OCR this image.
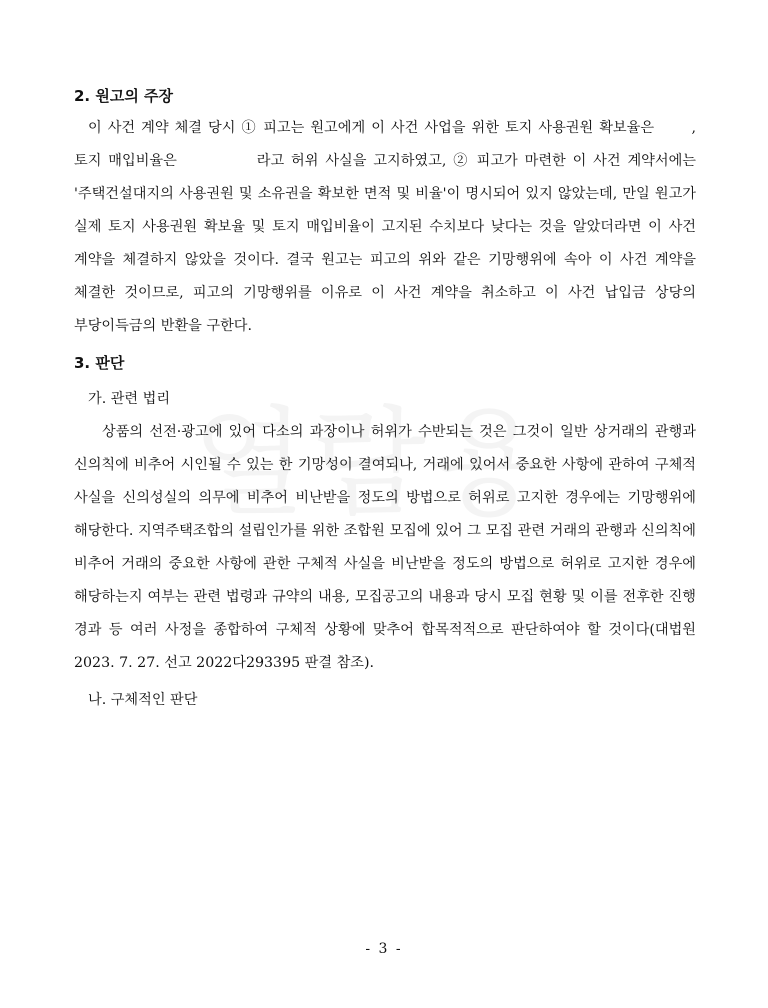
2. 원고의 주장

이 사건 계약 체결 당시 ① 피고는 원고에게 이 사건 사업을 위한 토지 사용권원 확보율은 　　, 토지 매입비율은 　　　　 라고 허위 사실을 고지하였고, ② 피고가 마련한 이 사건 계약서에는 '주택건설대지의 사용권원 및 소유권을 확보한 면적 및 비율'이 명시되어 있지 않았는데, 만일 원고가 실제 토지 사용권원 확보율 및 토지 매입비율이 고지된 수치보다 낮다는 것을 알았더라면 이 사건 계약을 체결하지 않았을 것이다. 결국 원고는 피고의 위와 같은 기망행위에 속아 이 사건 계약을 체결한 것이므로, 피고의 기망행위를 이유로 이 사건 계약을 취소하고 이 사건 납입금 상당의 부당이득금의 반환을 구한다.

3. 판단

가. 관련 법리

상품의 선전·광고에 있어 다소의 과장이나 허위가 수반되는 것은 그것이 일반 상거래의 관행과 신의칙에 비추어 시인될 수 있는 한 기망성이 결여되나, 거래에 있어서 중요한 사항에 관하여 구체적 사실을 신의성실의 의무에 비추어 비난받을 정도의 방법으로 허위로 고지한 경우에는 기망행위에 해당한다. 지역주택조합의 설립인가를 위한 조합원 모집에 있어 그 모집 관련 거래의 관행과 신의칙에 비추어 거래의 중요한 사항에 관한 구체적 사실을 비난받을 정도의 방법으로 허위로 고지한 경우에 해당하는지 여부는 관련 법령과 규약의 내용, 모집공고의 내용과 당시 모집 현황 및 이를 전후한 진행 경과 등 여러 사정을 종합하여 구체적 상황에 맞추어 합목적적으로 판단하여야 할 것이다(대법원 2023. 7. 27. 선고 2022다293395 판결 참조).

나. 구체적인 판단

- 3 -
